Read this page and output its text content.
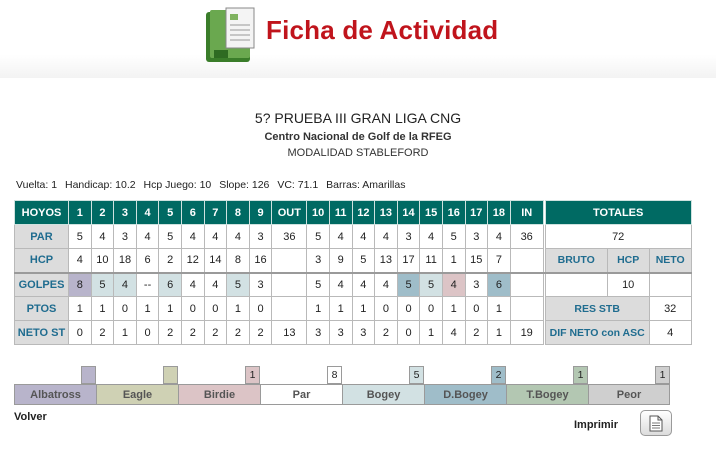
Ficha de Actividad
5? PRUEBA III GRAN LIGA CNG
Centro Nacional de Golf de la RFEG
MODALIDAD STABLEFORD
Vuelta: 1 Handicap: 10.2 Hcp Juego: 10 Slope: 126 VC: 71.1 Barras: Amarillas
HOYOS	1	2	3	4	5	6	7	8	9	OUT	10	11	12	13	14	15	16	17	18	IN		TOTALES		
PAR	5	4	3	4	5	4	4	4	3	36	5	4	4	4	3	4	5	3	4	36		72		
HCP	4	10	18	6	2	12	14	8	16		3	9	5	13	17	11	1	15	7			BRUTO	HCP	NETO
GOLPES	8	5	4	--	6	4	4	5	3		5	4	4	4	5	5	4	3	6				10	
PTOS	1	1	0	1	1	0	0	1	0		1	1	1	0	0	0	1	0	1			RES STB		32
NETO ST	0	2	1	0	2	2	2	2	2	13	3	3	3	2	0	1	4	2	1	19		DIF NETO con ASC		4
Albatross	Eagle	Birdie
1
Par
8
Bogey
5
D.Bogey
2
T.Bogey
1
Peor
1
Volver
Imprimir
